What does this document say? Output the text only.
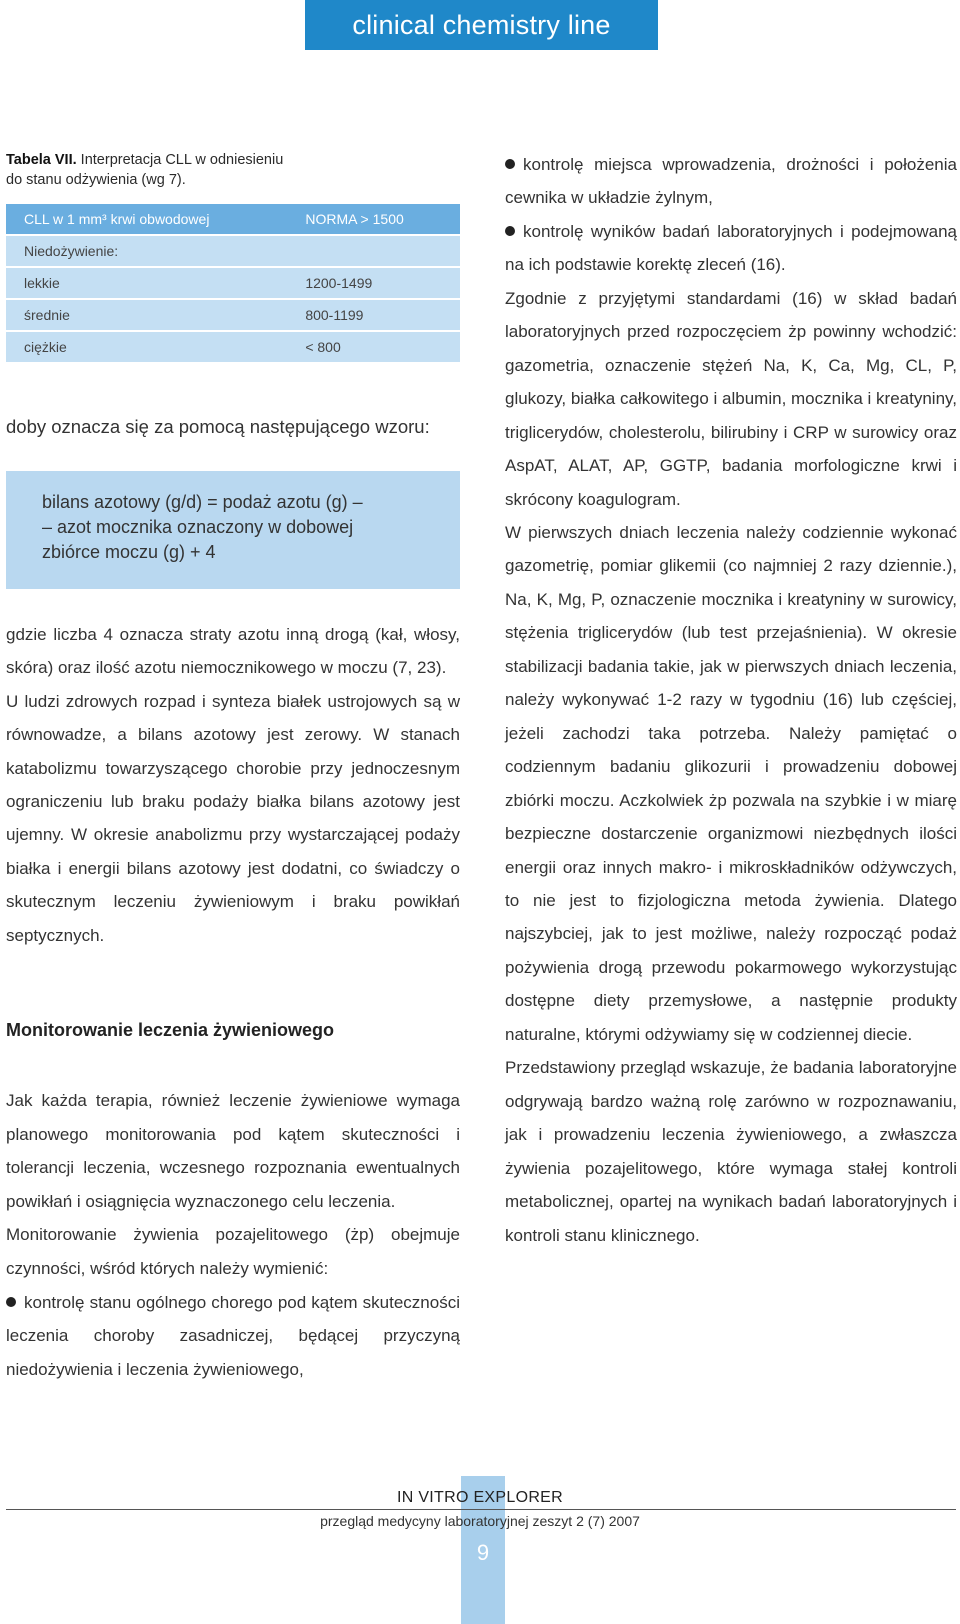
clinical chemistry line
Tabela VII. Interpretacja CLL w odniesieniu
do stanu odżywienia (wg 7).
CLL w 1 mm³ krwi obwodowej	NORMA > 1500
Niedożywienie:	
lekkie	1200-1499
średnie	800-1199
ciężkie	< 800
doby oznacza się za pomocą następującego wzoru:
bilans azotowy (g/d) = podaż azotu (g) –
– azot mocznika oznaczony w dobowej
zbiórce moczu (g) + 4

gdzie liczba 4 oznacza straty azotu inną drogą (kał, włosy, skóra) oraz ilość azotu niemocznikowego w moczu (7, 23).

U ludzi zdrowych rozpad i synteza białek ustrojowych są w równowadze, a bilans azotowy jest zerowy. W stanach katabolizmu towarzyszącego chorobie przy jednoczesnym ograniczeniu lub braku podaży białka bilans azotowy jest ujemny. W okresie anabolizmu przy wystarczającej podaży białka i energii bilans azotowy jest dodatni, co świadczy o skutecznym leczeniu żywieniowym i braku powikłań septycznych.

Monitorowanie leczenia żywieniowego

Jak każda terapia, również leczenie żywieniowe wymaga planowego monitorowania pod kątem skuteczności i tolerancji leczenia, wczesnego rozpoznania ewentualnych powikłań i osiągnięcia wyznaczonego celu leczenia.

Monitorowanie żywienia pozajelitowego (żp) obejmuje czynności, wśród których należy wymienić:

kontrolę stanu ogólnego chorego pod kątem skuteczności leczenia choroby zasadniczej, będącej przyczyną niedożywienia i leczenia żywieniowego,

kontrolę miejsca wprowadzenia, drożności i położenia cewnika w układzie żylnym,

kontrolę wyników badań laboratoryjnych i podejmowaną na ich podstawie korektę zleceń (16).

Zgodnie z przyjętymi standardami (16) w skład badań laboratoryjnych przed rozpoczęciem żp powinny wchodzić: gazometria, oznaczenie stężeń Na, K, Ca, Mg, CL, P, glukozy, białka całkowitego i albumin, mocznika i kreatyniny, triglicerydów, cholesterolu, bilirubiny i CRP w surowicy oraz AspAT, ALAT, AP, GGTP, badania morfologiczne krwi i skrócony koagulogram.

W pierwszych dniach leczenia należy codziennie wykonać gazometrię, pomiar glikemii (co najmniej 2 razy dziennie.), Na, K, Mg, P, oznaczenie mocznika i kreatyniny w surowicy, stężenia triglicerydów (lub test przejaśnienia). W okresie stabilizacji badania takie, jak w pierwszych dniach leczenia, należy wykonywać 1-2 razy w tygodniu (16) lub częściej, jeżeli zachodzi taka potrzeba. Należy pamiętać o codziennym badaniu glikozurii i prowadzeniu dobowej zbiórki moczu. Aczkolwiek żp pozwala na szybkie i w miarę bezpieczne dostarczenie organizmowi niezbędnych ilości energii oraz innych makro- i mikroskładników odżywczych, to nie jest to fizjologiczna metoda żywienia. Dlatego najszybciej, jak to jest możliwe, należy rozpocząć podaż pożywienia drogą przewodu pokarmowego wykorzystując dostępne diety przemysłowe, a następnie produkty naturalne, którymi odżywiamy się w codziennej diecie.

Przedstawiony przegląd wskazuje, że badania laboratoryjne odgrywają bardzo ważną rolę zarówno w rozpoznawaniu, jak i prowadzeniu leczenia żywieniowego, a zwłaszcza żywienia pozajelitowego, które wymaga stałej kontroli metabolicznej, opartej na wynikach badań laboratoryjnych i kontroli stanu klinicznego.

IN VITRO EXPLORER
przegląd medycyny laboratoryjnej zeszyt 2 (7) 2007
9
